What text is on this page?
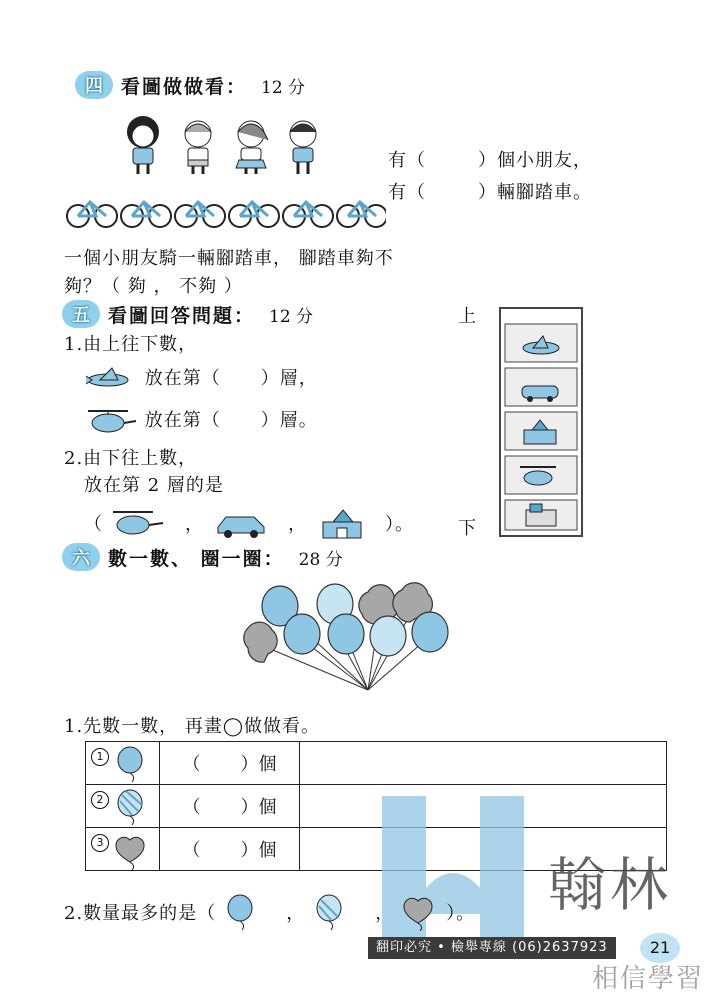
四 看圖做做看： 12 分
有（	）個小朋友，
有（	）輛腳踏車。
一個小朋友騎一輛腳踏車， 腳踏車夠不
夠？（ 夠 ， 不夠 ）
五 看圖回答問題： 12 分	上
下
1.由上往下數，
放在第（ ）層，
放在第（ ）層。
2.由下往上數，
放在第 2 層的是
（	，	，	）。
六 數一數、 圈一圈： 28 分
1.先數一數， 再畫◯做做看。
1	（ ）個	

2	（ ）個	

3	（ ）個	
2.數量最多的是（	，	，	）。 翰林
翻印必究 • 檢舉專線 (06)2637923	21
相信學習
